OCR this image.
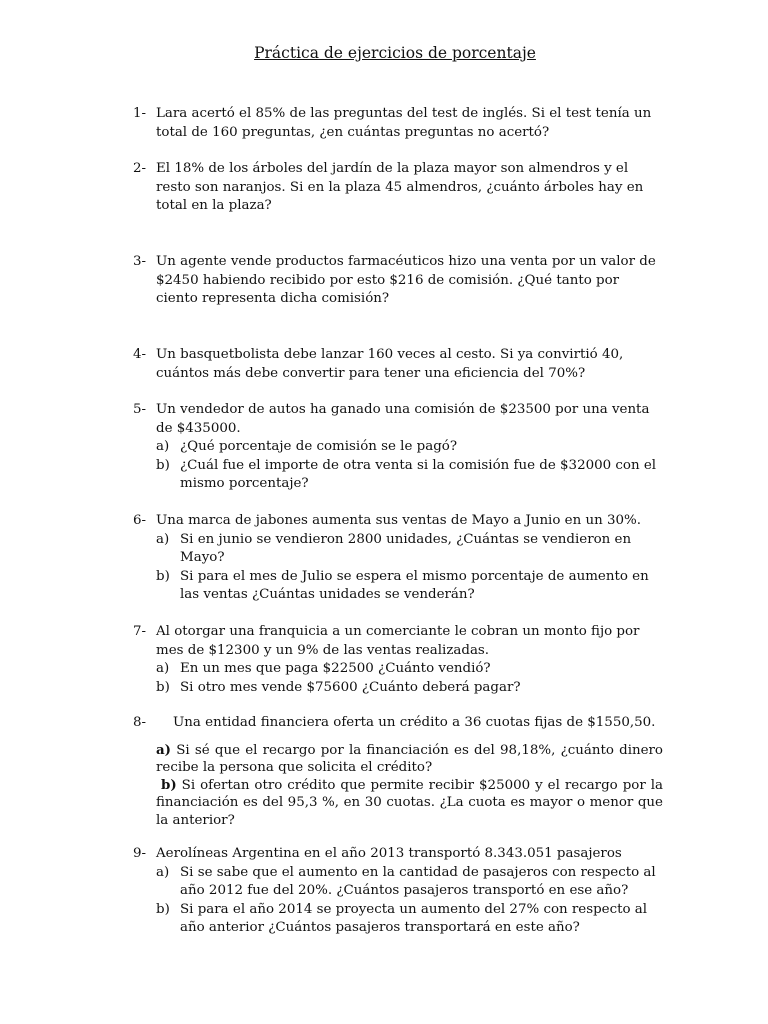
Práctica de ejercicios de porcentaje
1- Lara acertó el 85% de las preguntas del test de inglés. Si el test tenía un total de 160 preguntas, ¿en cuántas preguntas no acertó?
2- El 18% de los árboles del jardín de la plaza mayor son almendros y el resto son naranjos. Si en la plaza 45 almendros, ¿cuánto árboles hay en total en la plaza?
3- Un agente vende productos farmacéuticos hizo una venta por un valor de $2450 habiendo recibido por esto $216 de comisión. ¿Qué tanto por ciento representa dicha comisión?
4- Un basquetbolista debe lanzar 160 veces al cesto. Si ya convirtió 40, cuántos más debe convertir para tener una eficiencia del 70%?
5- Un vendedor de autos ha ganado una comisión de $23500 por una venta de $435000.
a) ¿Qué porcentaje de comisión se le pagó?
b) ¿Cuál fue el importe de otra venta si la comisión fue de $32000 con el mismo porcentaje?
6- Una marca de jabones aumenta sus ventas de Mayo a Junio en un 30%.
a) Si en junio se vendieron 2800 unidades, ¿Cuántas se vendieron en Mayo?
b) Si para el mes de Julio se espera el mismo porcentaje de aumento en las ventas ¿Cuántas unidades se venderán?
7- Al otorgar una franquicia a un comerciante le cobran un monto fijo por mes de $12300 y un 9% de las ventas realizadas.
a) En un mes que paga $22500 ¿Cuánto vendió?
b) Si otro mes vende $75600 ¿Cuánto deberá pagar?
8- Una entidad financiera oferta un crédito a 36 cuotas fijas de $1550,50.

a) Si sé que el recargo por la financiación es del 98,18%, ¿cuánto dinero recibe la persona que solicita el crédito?

b) Si ofertan otro crédito que permite recibir $25000 y el recargo por la financiación es del 95,3 %, en 30 cuotas. ¿La cuota es mayor o menor que la anterior?

9- Aerolíneas Argentina en el año 2013 transportó 8.343.051 pasajeros
a) Si se sabe que el aumento en la cantidad de pasajeros con respecto al año 2012 fue del 20%. ¿Cuántos pasajeros transportó en ese año?
b) Si para el año 2014 se proyecta un aumento del 27% con respecto al año anterior ¿Cuántos pasajeros transportará en este año?
